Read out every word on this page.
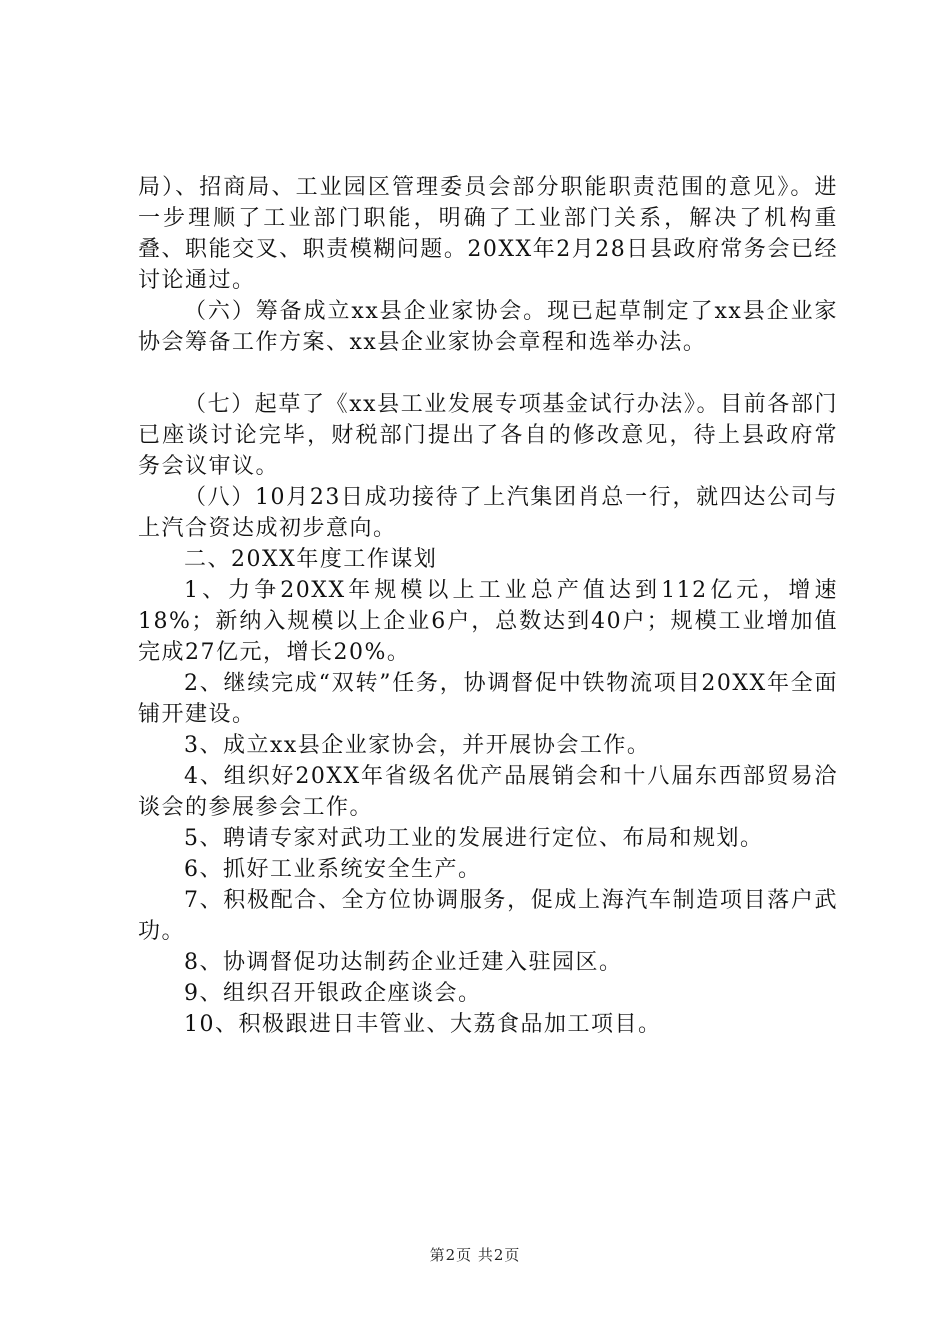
局）、招商局、工业园区管理委员会部分职能职责范围的意见》。进一步理顺了工业部门职能，明确了工业部门关系，解决了机构重叠、职能交叉、职责模糊问题。20XX年2月28日县政府常务会已经讨论通过。

（六）筹备成立xx县企业家协会。现已起草制定了xx县企业家协会筹备工作方案、xx县企业家协会章程和选举办法。

（七）起草了《xx县工业发展专项基金试行办法》。目前各部门已座谈讨论完毕，财税部门提出了各自的修改意见，待上县政府常务会议审议。

（八）10月23日成功接待了上汽集团肖总一行，就四达公司与上汽合资达成初步意向。

二、20XX年度工作谋划

1、力争20XX年规模以上工业总产值达到112亿元，增速18%；新纳入规模以上企业6户，总数达到40户；规模工业增加值完成27亿元，增长20%。

2、继续完成“双转”任务，协调督促中铁物流项目20XX年全面铺开建设。

3、成立xx县企业家协会，并开展协会工作。

4、组织好20XX年省级名优产品展销会和十八届东西部贸易洽谈会的参展参会工作。

5、聘请专家对武功工业的发展进行定位、布局和规划。

6、抓好工业系统安全生产。

7、积极配合、全方位协调服务，促成上海汽车制造项目落户武功。

8、协调督促功达制药企业迁建入驻园区。

9、组织召开银政企座谈会。

10、积极跟进日丰管业、大荔食品加工项目。

第2页 共2页
